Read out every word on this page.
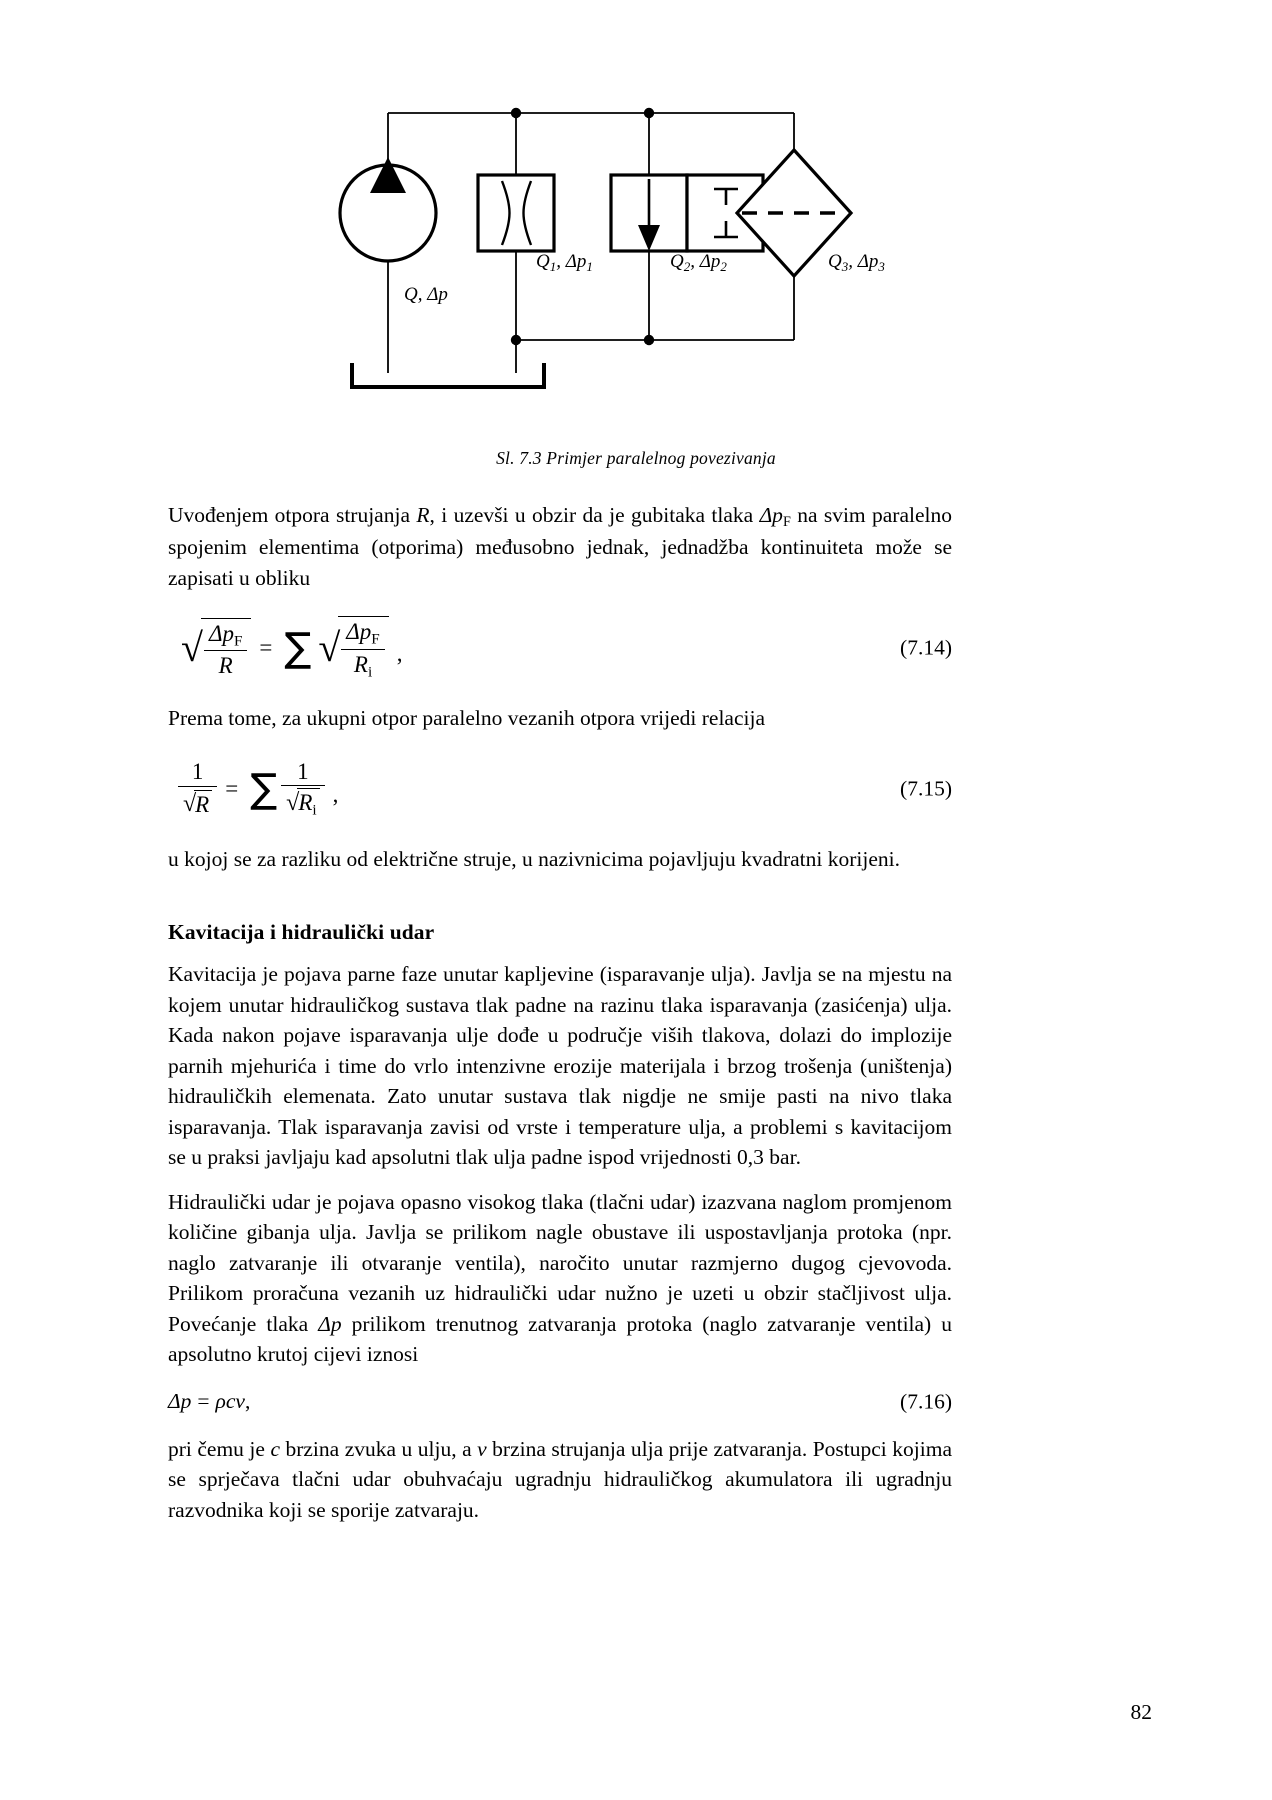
Q, Δp
$Q_1$, $\Delta p_1$	$Q_2$, $\Delta p_2$	$Q_3$, $\Delta p_3$
Sl. 7.3 Primjer paralelnog povezivanja

Uvođenjem otpora strujanja R, i uzevši u obzir da je gubitaka tlaka $\Delta p_F$ na svim paralelno spojenim elementima (otporima) međusobno jednak, jednadžba kontinuiteta može se zapisati u obliku

√ $\frac{\Delta p_F}{R}$ = ∑ √ $\frac{\Delta p_F}{R_i}$ ,	(7.14)

Prema tome, za ukupni otpor paralelno vezanih otpora vrijedi relacija

$\frac{1}{√R}$ = ∑ $\frac{1}{√R_i}$ ,	(7.15)

u kojoj se za razliku od električne struje, u nazivnicima pojavljuju kvadratni korijeni.

Kavitacija i hidraulički udar

Kavitacija je pojava parne faze unutar kapljevine (isparavanje ulja). Javlja se na mjestu na kojem unutar hidrauličkog sustava tlak padne na razinu tlaka isparavanja (zasićenja) ulja. Kada nakon pojave isparavanja ulje dođe u područje viših tlakova, dolazi do implozije parnih mjehurića i time do vrlo intenzivne erozije materijala i brzog trošenja (uništenja) hidrauličkih elemenata. Zato unutar sustava tlak nigdje ne smije pasti na nivo tlaka isparavanja. Tlak isparavanja zavisi od vrste i temperature ulja, a problemi s kavitacijom se u praksi javljaju kad apsolutni tlak ulja padne ispod vrijednosti 0,3 bar.

Hidraulički udar je pojava opasno visokog tlaka (tlačni udar) izazvana naglom promjenom količine gibanja ulja. Javlja se prilikom nagle obustave ili uspostavljanja protoka (npr. naglo zatvaranje ili otvaranje ventila), naročito unutar razmjerno dugog cjevovoda. Prilikom proračuna vezanih uz hidraulički udar nužno je uzeti u obzir stačljivost ulja. Povećanje tlaka Δp prilikom trenutnog zatvaranja protoka (naglo zatvaranje ventila) u apsolutno krutoj cijevi iznosi

Δp = ρcv,	(7.16)

pri čemu je c brzina zvuka u ulju, a v brzina strujanja ulja prije zatvaranja. Postupci kojima se sprječava tlačni udar obuhvaćaju ugradnju hidrauličkog akumulatora ili ugradnju razvodnika koji se sporije zatvaraju.

82
